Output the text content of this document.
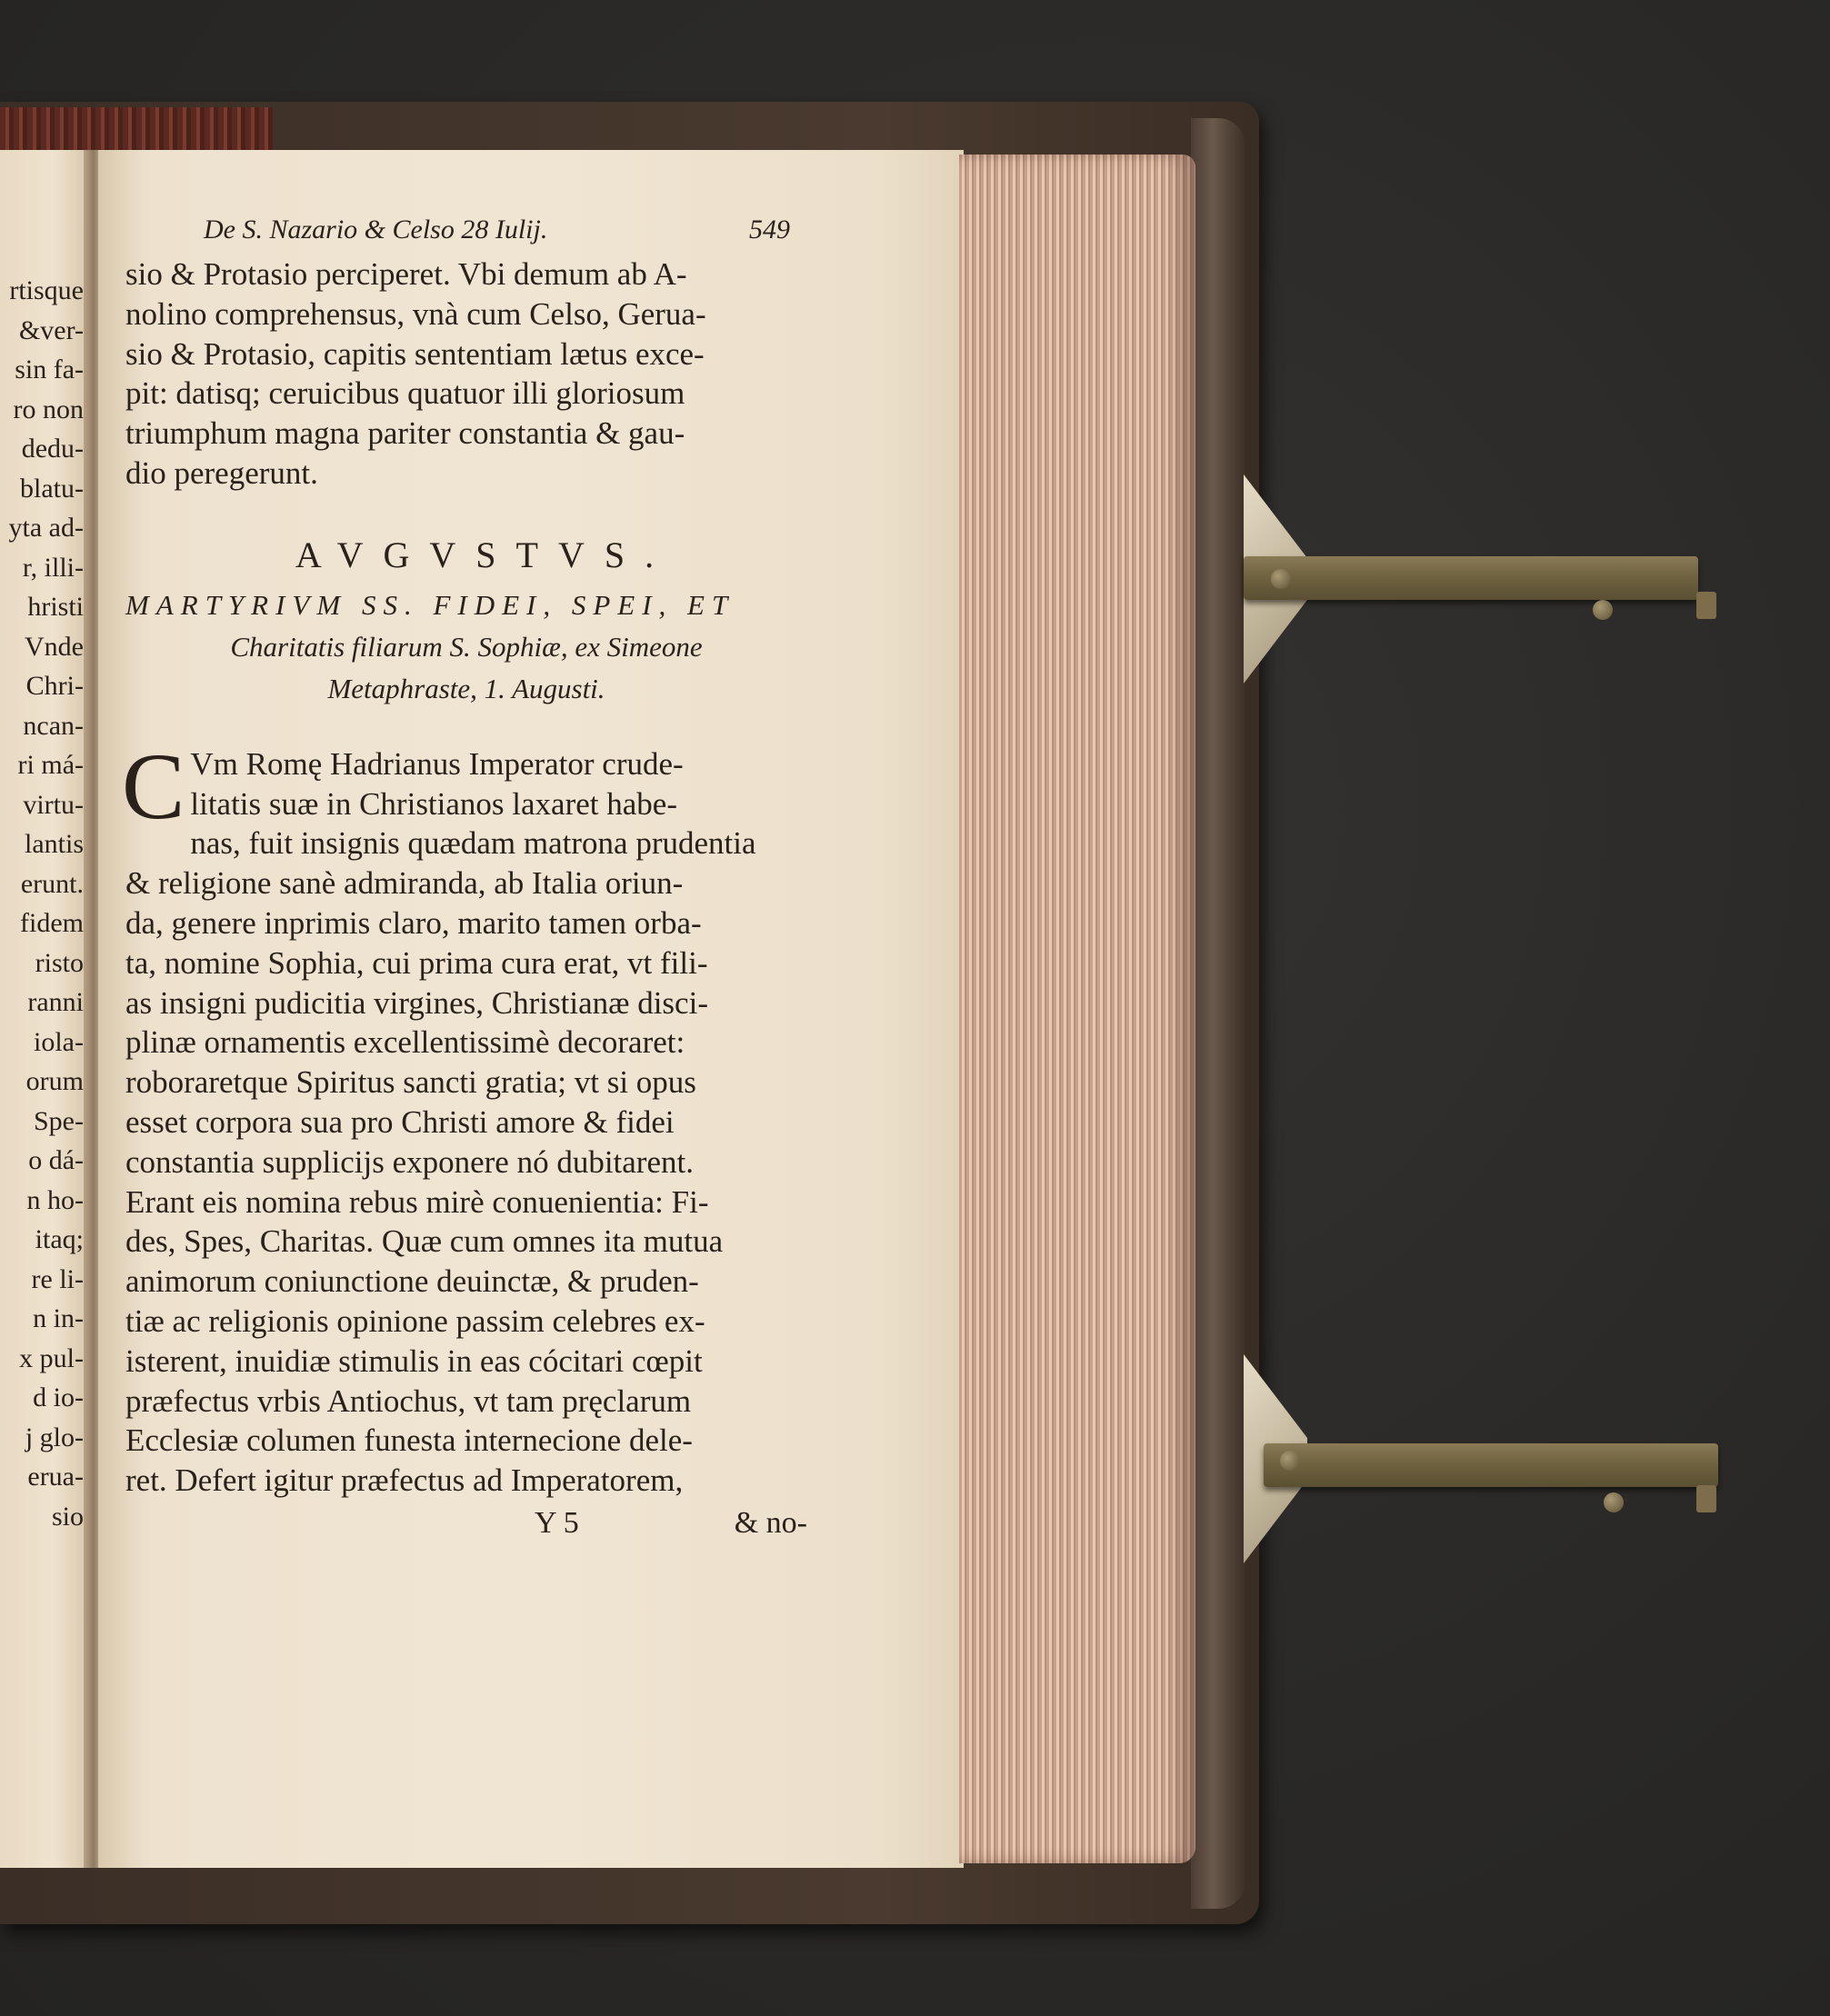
rtisque
&ver-
sin fa-
ro non
dedu-
blatu-
yta ad-
r, illi-
hristi
Vnde
Chri-
ncan-
ri má-
virtu-
lantis
erunt.
fidem
risto
ranni
iola-
orum
Spe-
o dá-
n ho-
itaq;
re li-
n in-
x pul-
d io-
j glo-
erua-
sio
De S. Nazario & Celso 28 Iulij.	549
sio & Protasio perciperet. Vbi demum ab A-
nolino comprehensus, vnà cum Celso, Gerua-
sio & Protasio, capitis sententiam lætus exce-
pit: datisq; ceruicibus quatuor illi gloriosum
triumphum magna pariter constantia & gau-
dio peregerunt.
AVGVSTVS.
MARTYRIVM SS. FIDEI, SPEI, ET
Charitatis filiarum S. Sophiæ, ex Simeone
Metaphraste, 1. Augusti.
C Vm Romę Hadrianus Imperator crude-
litatis suæ in Christianos laxaret habe-
nas, fuit insignis quædam matrona prudentia
& religione sanè admiranda, ab Italia oriun-
da, genere inprimis claro, marito tamen orba-
ta, nomine Sophia, cui prima cura erat, vt fili-
as insigni pudicitia virgines, Christianæ disci-
plinæ ornamentis excellentissimè decoraret:
roboraretque Spiritus sancti gratia; vt si opus
esset corpora sua pro Christi amore & fidei
constantia supplicijs exponere nó dubitarent.
Erant eis nomina rebus mirè conuenientia: Fi-
des, Spes, Charitas. Quæ cum omnes ita mutua
animorum coniunctione deuinctæ, & pruden-
tiæ ac religionis opinione passim celebres ex-
isterent, inuidiæ stimulis in eas cócitari cœpit
præfectus vrbis Antiochus, vt tam pręclarum
Ecclesiæ columen funesta internecione dele-
ret. Defert igitur præfectus ad Imperatorem,
Y 5	& no-
